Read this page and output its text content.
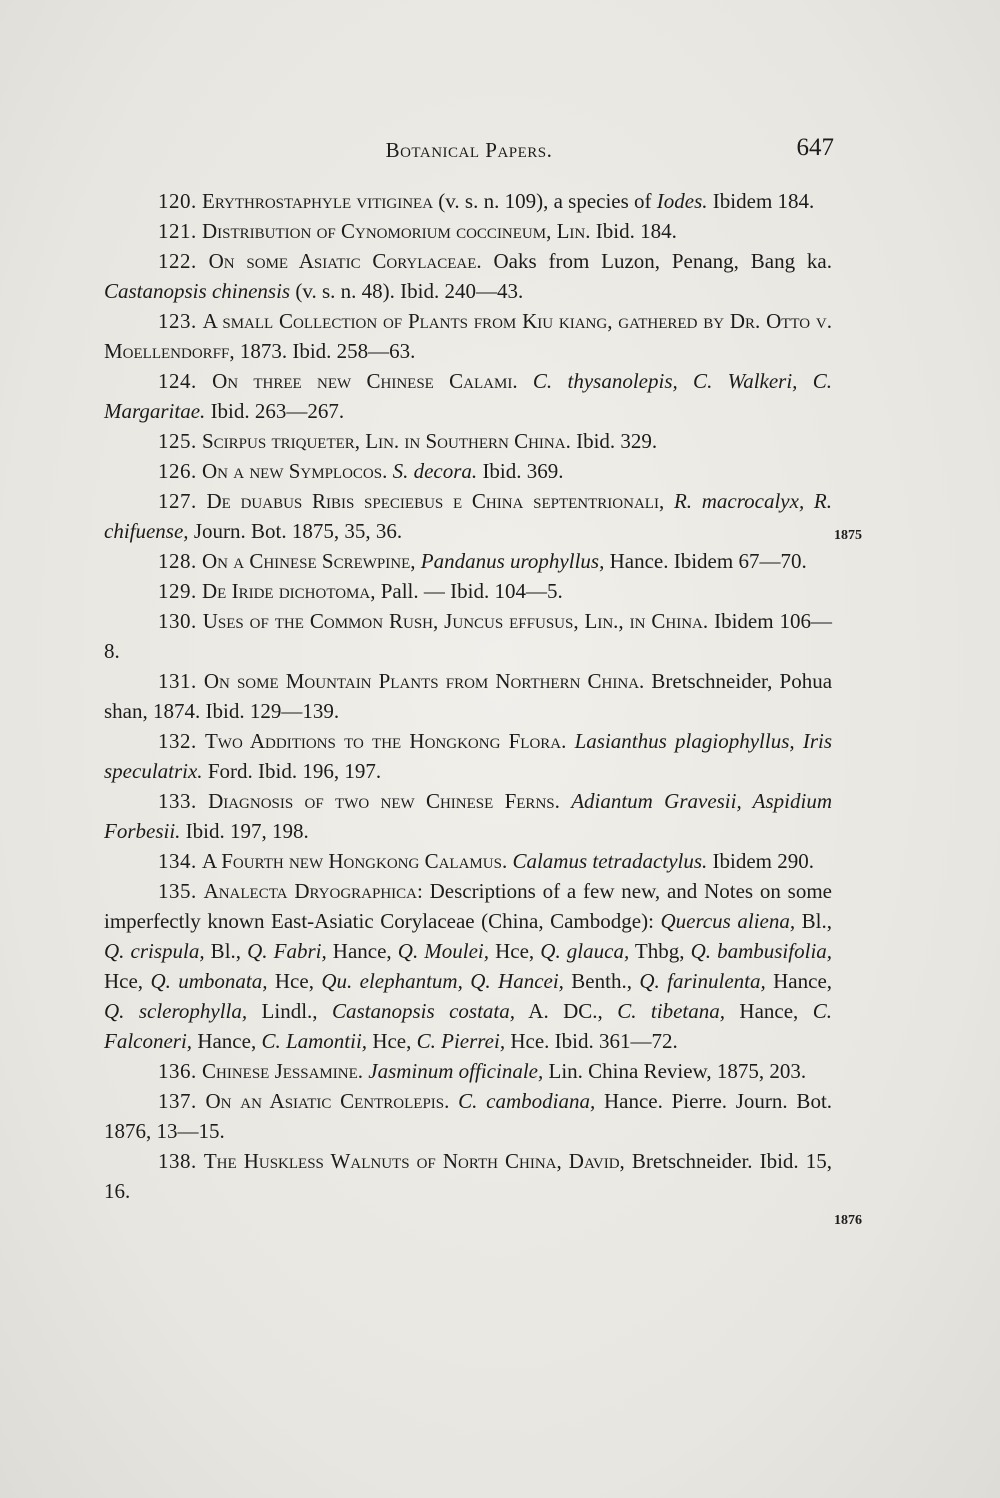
Botanical Papers.	647

120. Erythrostaphyle vitiginea (v. s. n. 109), a species of Iodes. Ibidem 184.

121. Distribution of Cynomorium coccineum, Lin. Ibid. 184.

122. On some Asiatic Corylaceae. Oaks from Luzon, Penang, Bang ka. Castanopsis chinensis (v. s. n. 48). Ibid. 240—43.

123. A small Collection of Plants from Kiu kiang, gathered by Dr. Otto v. Moellendorff, 1873. Ibid. 258—63.

124. On three new Chinese Calami. C. thysanolepis, C. Walkeri, C. Margaritae. Ibid. 263—267.

125. Scirpus triqueter, Lin. in Southern China. Ibid. 329.

126. On a new Symplocos. S. decora. Ibid. 369.

127. De duabus Ribis speciebus e China septentrionali, R. macrocalyx, R. chifuense, Journ. Bot. 1875, 35, 36.

128. On a Chinese Screwpine, Pandanus urophyllus, Hance. Ibidem 67—70.

129. De Iride dichotoma, Pall. — Ibid. 104—5.

130. Uses of the Common Rush, Juncus effusus, Lin., in China. Ibidem 106—8.

131. On some Mountain Plants from Northern China. Bretschneider, Pohua shan, 1874. Ibid. 129—139.

132. Two Additions to the Hongkong Flora. Lasianthus plagiophyllus, Iris speculatrix. Ford. Ibid. 196, 197.

133. Diagnosis of two new Chinese Ferns. Adiantum Gravesii, Aspidium Forbesii. Ibid. 197, 198.

134. A Fourth new Hongkong Calamus. Calamus tetradactylus. Ibidem 290.

135. Analecta Dryographica: Descriptions of a few new, and Notes on some imperfectly known East-Asiatic Corylaceae (China, Cambodge): Quercus aliena, Bl., Q. crispula, Bl., Q. Fabri, Hance, Q. Moulei, Hce, Q. glauca, Thbg, Q. bambusifolia, Hce, Q. umbonata, Hce, Qu. elephantum, Q. Hancei, Benth., Q. farinulenta, Hance, Q. sclerophylla, Lindl., Castanopsis costata, A. DC., C. tibetana, Hance, C. Falconeri, Hance, C. Lamontii, Hce, C. Pierrei, Hce. Ibid. 361—72.

136. Chinese Jessamine. Jasminum officinale, Lin. China Review, 1875, 203.

137. On an Asiatic Centrolepis. C. cambodiana, Hance. Pierre. Journ. Bot. 1876, 13—15.

138. The Huskless Walnuts of North China, David, Bretschneider. Ibid. 15, 16.

1875
1876
